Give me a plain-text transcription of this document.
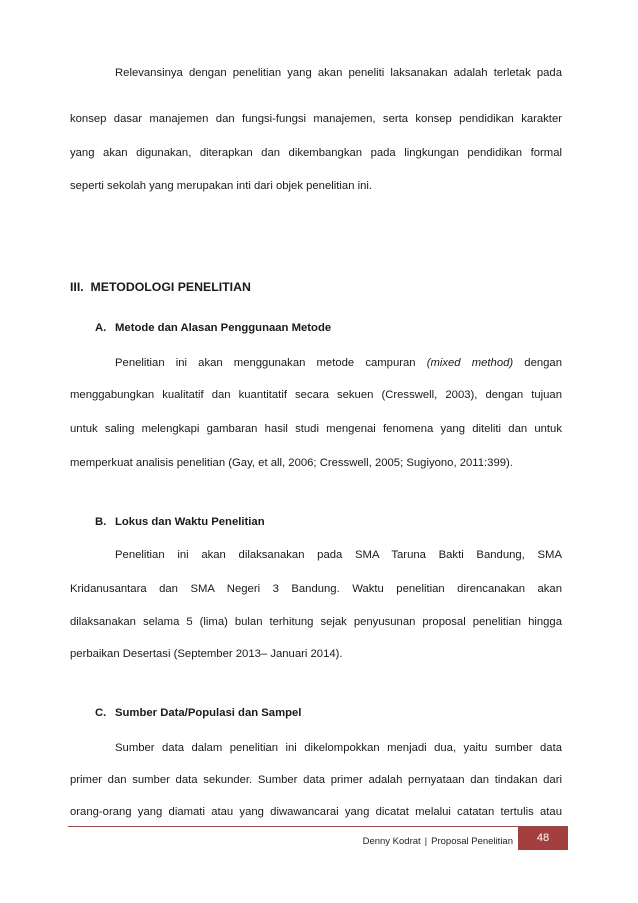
Relevansinya dengan penelitian yang akan peneliti laksanakan adalah terletak pada
konsep dasar manajemen dan fungsi-fungsi manajemen, serta konsep pendidikan karakter
yang akan digunakan, diterapkan dan dikembangkan pada lingkungan pendidikan formal
seperti sekolah yang merupakan inti dari objek penelitian ini.
III. METODOLOGI PENELITIAN
A. Metode dan Alasan Penggunaan Metode
Penelitian ini akan menggunakan metode campuran (mixed method) dengan
menggabungkan kualitatif dan kuantitatif secara sekuen (Cresswell, 2003), dengan tujuan
untuk saling melengkapi gambaran hasil studi mengenai fenomena yang diteliti dan untuk
memperkuat analisis penelitian (Gay, et all, 2006; Cresswell, 2005; Sugiyono, 2011:399).
B. Lokus dan Waktu Penelitian
Penelitian ini akan dilaksanakan pada SMA Taruna Bakti Bandung, SMA
Kridanusantara dan SMA Negeri 3 Bandung. Waktu penelitian direncanakan akan
dilaksanakan selama 5 (lima) bulan terhitung sejak penyusunan proposal penelitian hingga
perbaikan Desertasi (September 2013– Januari 2014).
C. Sumber Data/Populasi dan Sampel
Sumber data dalam penelitian ini dikelompokkan menjadi dua, yaitu sumber data
primer dan sumber data sekunder. Sumber data primer adalah pernyataan dan tindakan dari
orang-orang yang diamati atau yang diwawancarai yang dicatat melalui catatan tertulis atau
Denny Kodrat | Proposal Penelitian	48
